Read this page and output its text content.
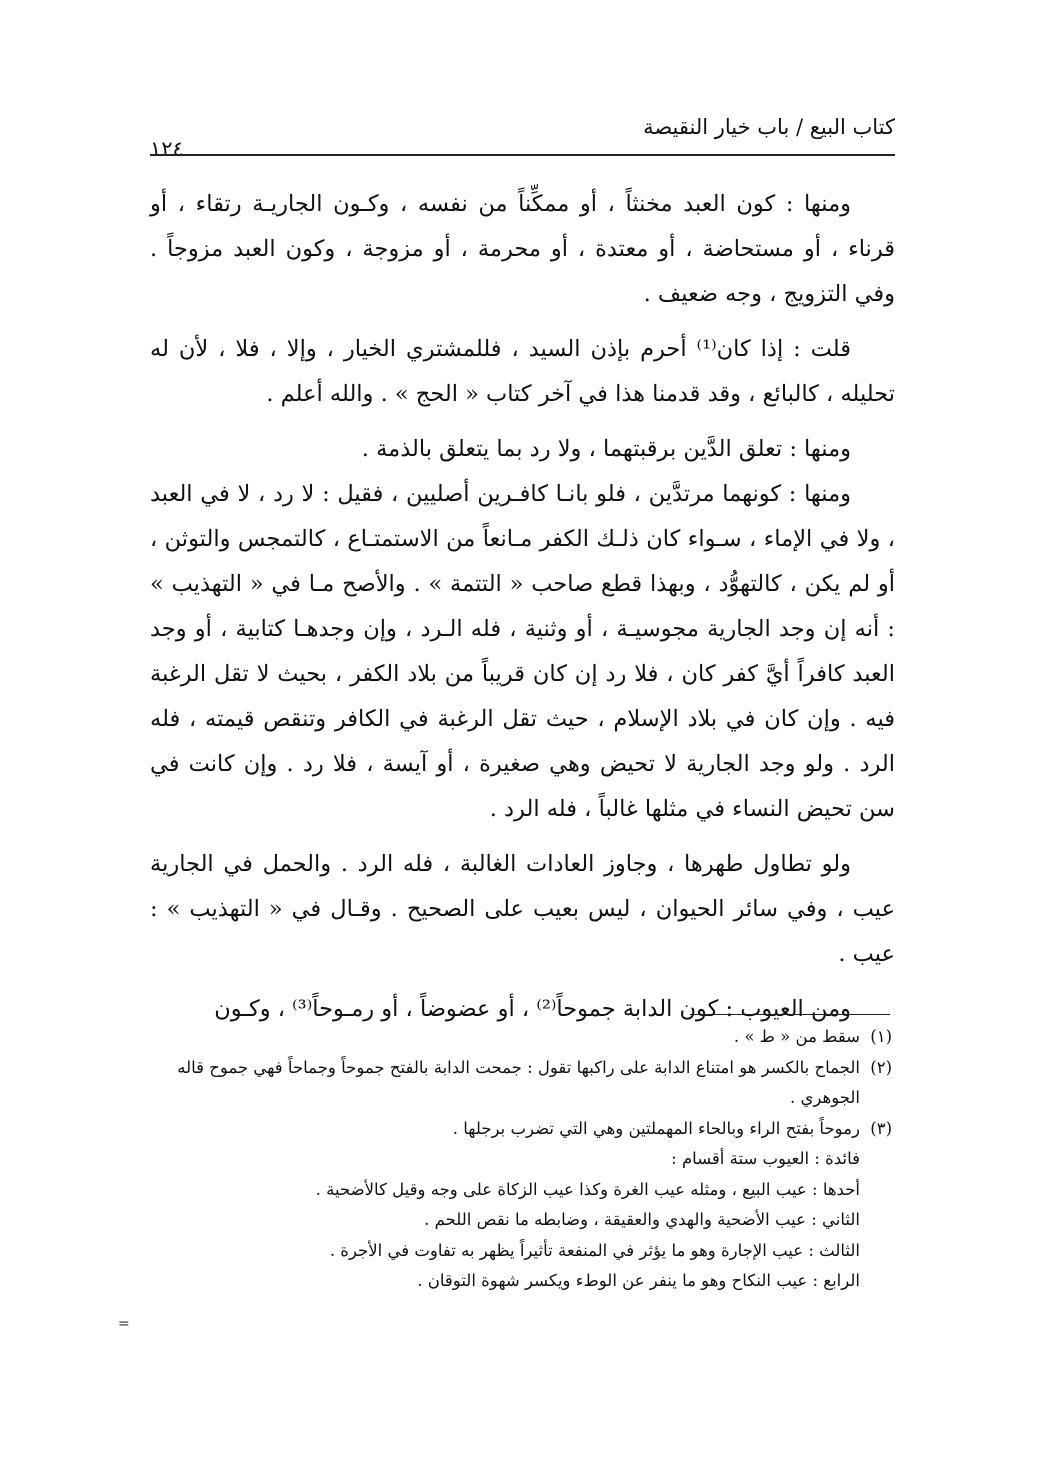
كتاب البيع / باب خيار النقيصة
١٢٤

ومنها : كون العبد مخنثاً ، أو ممكِّناً من نفسه ، وكـون الجاريـة رتقاء ، أو قرناء ، أو مستحاضة ، أو معتدة ، أو محرمة ، أو مزوجة ، وكون العبد مزوجاً . وفي التزويج ، وجه ضعيف .

قلت : إذا كان⁽¹⁾ أحرم بإذن السيد ، فللمشتري الخيار ، وإلا ، فلا ، لأن له تحليله ، كالبائع ، وقد قدمنا هذا في آخر كتاب « الحج » . والله أعلم .

ومنها : تعلق الدَّين برقبتهما ، ولا رد بما يتعلق بالذمة .

ومنها : كونهما مرتدَّين ، فلو بانـا كافـرين أصليين ، فقيل : لا رد ، لا في العبد ، ولا في الإماء ، سـواء كان ذلـك الكفر مـانعاً من الاستمتـاع ، كالتمجس والتوثن ، أو لم يكن ، كالتهوُّد ، وبهذا قطع صاحب « التتمة » . والأصح مـا في « التهذيب » : أنه إن وجد الجارية مجوسيـة ، أو وثنية ، فله الـرد ، وإن وجدهـا كتابية ، أو وجد العبد كافراً أيَّ كفر كان ، فلا رد إن كان قريباً من بلاد الكفر ، بحيث لا تقل الرغبة فيه . وإن كان في بلاد الإسلام ، حيث تقل الرغبة في الكافر وتنقص قيمته ، فله الرد . ولو وجد الجارية لا تحيض وهي صغيرة ، أو آيسة ، فلا رد . وإن كانت في سن تحيض النساء في مثلها غالباً ، فله الرد .

ولو تطاول طهرها ، وجاوز العادات الغالبة ، فله الرد . والحمل في الجارية عيب ، وفي سائر الحيوان ، ليس بعيب على الصحيح . وقـال في « التهذيب » : عيب .

ومن العيوب : كون الدابة جموحاً⁽²⁾ ، أو عضوضاً ، أو رمـوحاً⁽³⁾ ، وكـون

(١)
سقط من « ط » .
(٢)
الجماح بالكسر هو امتناع الدابة على راكبها تقول : جمحت الدابة بالفتح جموحاً وجماحاً فهي جموح قاله الجوهري .
(٣)
رموحاً بفتح الراء وبالحاء المهملتين وهي التي تضرب برجلها .
فائدة : العيوب ستة أقسام :
أحدها : عيب البيع ، ومثله عيب الغرة وكذا عيب الزكاة على وجه وقيل كالأضحية .
الثاني : عيب الأضحية والهدي والعقيقة ، وضابطه ما نقص اللحم .
الثالث : عيب الإجارة وهو ما يؤثر في المنفعة تأثيراً يظهر به تفاوت في الأجرة .
الرابع : عيب النكاح وهو ما ينفر عن الوطء ويكسر شهوة التوقان .
=
